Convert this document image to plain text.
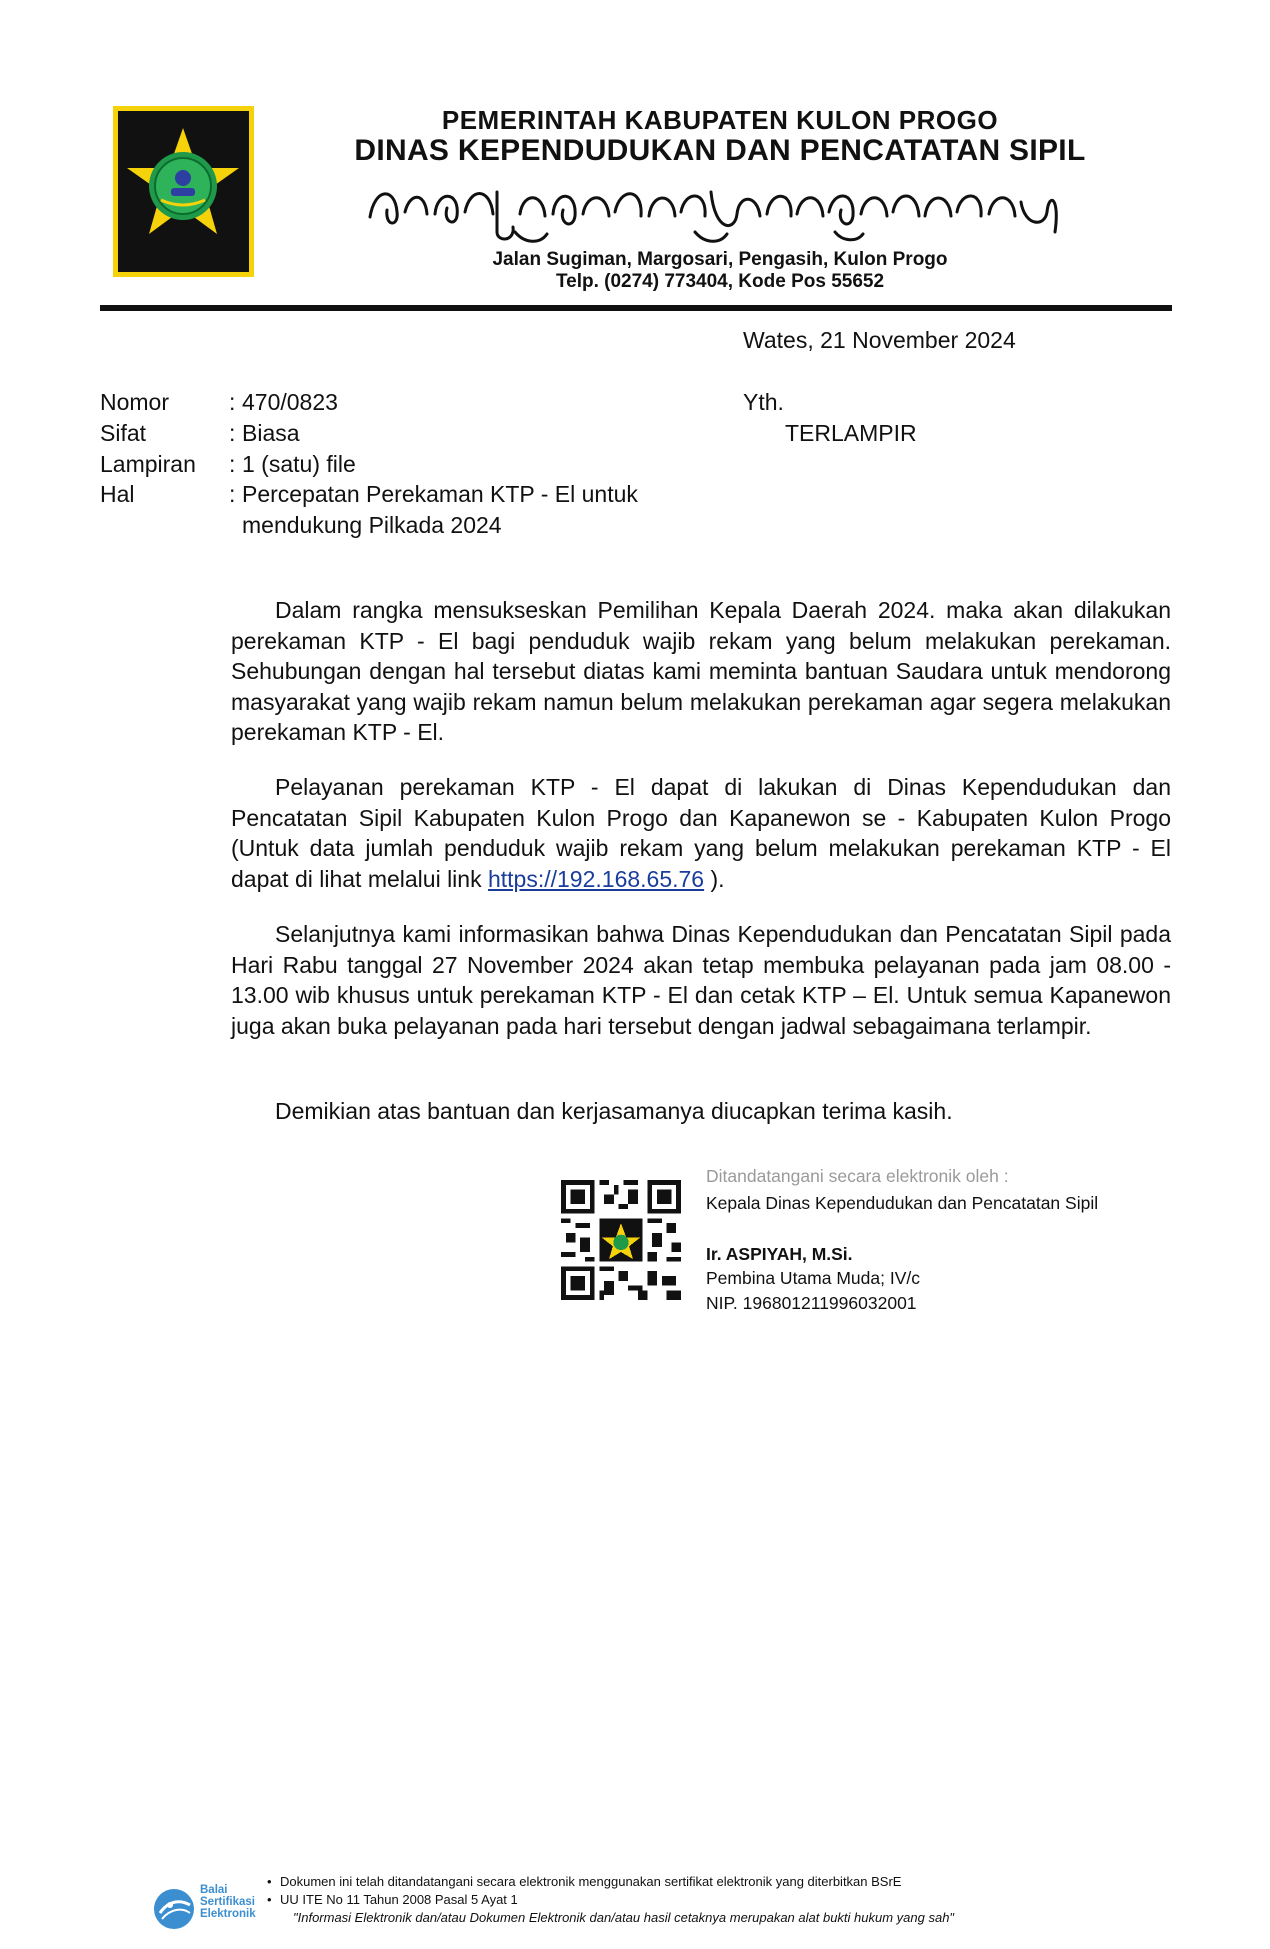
PEMERINTAH KABUPATEN KULON PROGO
DINAS KEPENDUDUKAN DAN PENCATATAN SIPIL
Jalan Sugiman, Margosari, Pengasih, Kulon Progo
Telp. (0274) 773404, Kode Pos 55652
Wates, 21 November 2024
Nomor	: 470/0823
Sifat	: Biasa
Lampiran : 1 (satu) file
Hal	: Percepatan Perekaman KTP - El untuk
mendukung Pilkada 2024
Yth.
TERLAMPIR
Dalam rangka mensukseskan Pemilihan Kepala Daerah 2024. maka akan dilakukan perekaman KTP - El bagi penduduk wajib rekam yang belum melakukan perekaman. Sehubungan dengan hal tersebut diatas kami meminta bantuan Saudara untuk mendorong masyarakat yang wajib rekam namun belum melakukan perekaman agar segera melakukan perekaman KTP - El.
Pelayanan perekaman KTP - El dapat di lakukan di Dinas Kependudukan dan Pencatatan Sipil Kabupaten Kulon Progo dan Kapanewon se - Kabupaten Kulon Progo (Untuk data jumlah penduduk wajib rekam yang belum melakukan perekaman KTP - El dapat di lihat melalui link https://192.168.65.76 ).
Selanjutnya kami informasikan bahwa Dinas Kependudukan dan Pencatatan Sipil pada Hari Rabu tanggal 27 November 2024 akan tetap membuka pelayanan pada jam 08.00 - 13.00 wib khusus untuk perekaman KTP - El dan cetak KTP – El. Untuk semua Kapanewon juga akan buka pelayanan pada hari tersebut dengan jadwal sebagaimana terlampir.
Demikian atas bantuan dan kerjasamanya diucapkan terima kasih.
Ditandatangani secara elektronik oleh :
Kepala Dinas Kependudukan dan Pencatatan Sipil
Ir. ASPIYAH, M.Si.
Pembina Utama Muda; IV/c
NIP. 196801211996032001
Balai
Sertifikasi
Elektronik
• Dokumen ini telah ditandatangani secara elektronik menggunakan sertifikat elektronik yang diterbitkan BSrE
• UU ITE No 11 Tahun 2008 Pasal 5 Ayat 1
"Informasi Elektronik dan/atau Dokumen Elektronik dan/atau hasil cetaknya merupakan alat bukti hukum yang sah"
